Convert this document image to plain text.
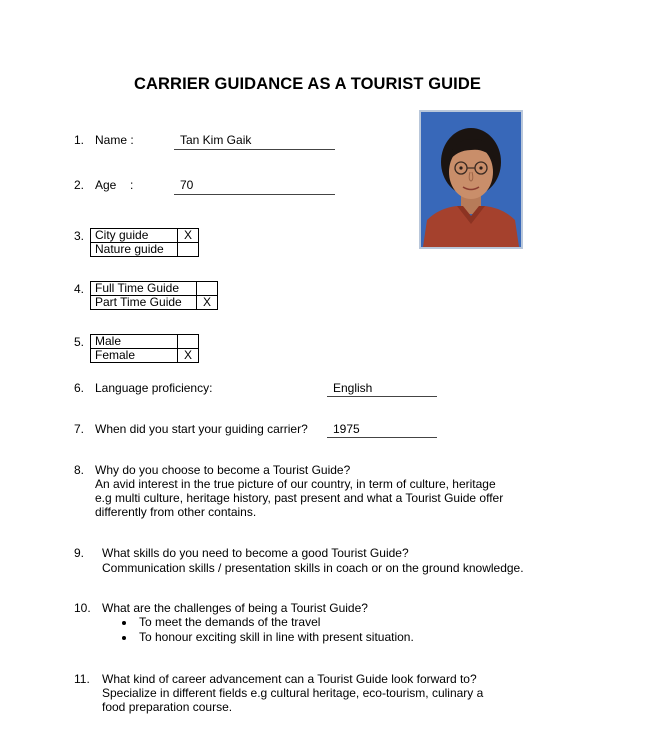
CARRIER GUIDANCE AS A TOURIST GUIDE
1. Name :	Tan Kim Gaik
2. Age :	70
3. City guide	X
Nature guide	
4. Full Time Guide	
Part Time Guide	X
5. Male	
Female	X
6. Language proficiency:	English
7. When did you start your guiding carrier? 1975
8. Why do you choose to become a Tourist Guide?
An avid interest in the true picture of our country, in term of culture, heritage
e.g multi culture, heritage history, past present and what a Tourist Guide offer
differently from other contains.
9. What skills do you need to become a good Tourist Guide?
Communication skills / presentation skills in coach or on the ground knowledge.
10. What are the challenges of being a Tourist Guide?
To meet the demands of the travel
To honour exciting skill in line with present situation.
11. What kind of career advancement can a Tourist Guide look forward to?
Specialize in different fields e.g cultural heritage, eco-tourism, culinary a
food preparation course.
